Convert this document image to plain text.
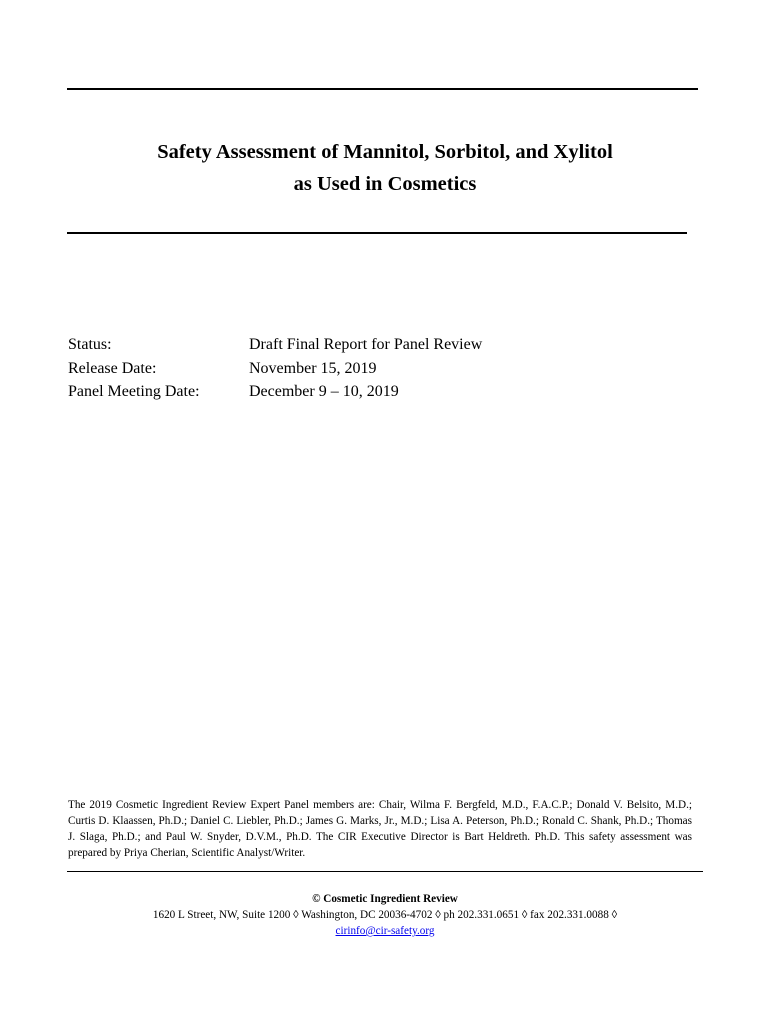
Safety Assessment of Mannitol, Sorbitol, and Xylitol
as Used in Cosmetics
Status:	Draft Final Report for Panel Review
Release Date:	November 15, 2019
Panel Meeting Date:	December 9 – 10, 2019
The 2019 Cosmetic Ingredient Review Expert Panel members are: Chair, Wilma F. Bergfeld, M.D., F.A.C.P.; Donald V. Belsito, M.D.; Curtis D. Klaassen, Ph.D.; Daniel C. Liebler, Ph.D.; James G. Marks, Jr., M.D.; Lisa A. Peterson, Ph.D.; Ronald C. Shank, Ph.D.; Thomas J. Slaga, Ph.D.; and Paul W. Snyder, D.V.M., Ph.D. The CIR Executive Director is Bart Heldreth. Ph.D. This safety assessment was prepared by Priya Cherian, Scientific Analyst/Writer.
© Cosmetic Ingredient Review
1620 L Street, NW, Suite 1200 ◊ Washington, DC 20036-4702 ◊ ph 202.331.0651 ◊ fax 202.331.0088 ◊
cirinfo@cir-safety.org
